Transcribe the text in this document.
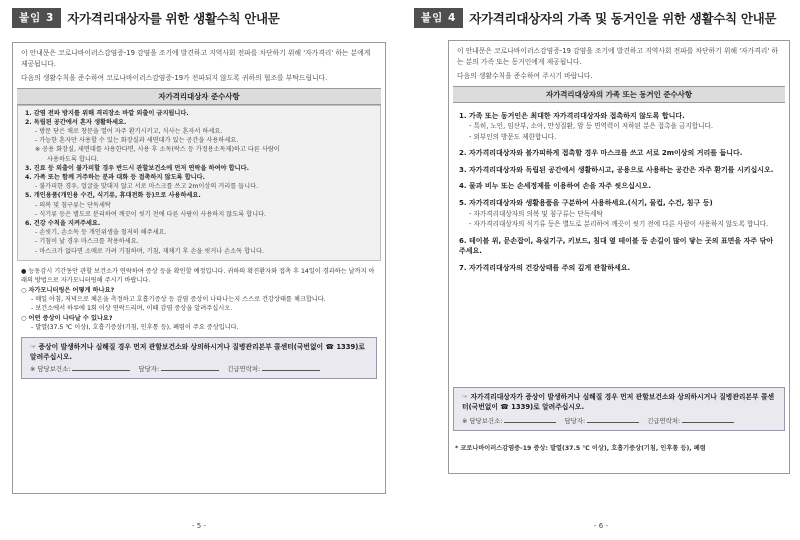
붙임 3	자가격리대상자를 위한 생활수칙 안내문

이 안내문은 코로나바이러스감염증-19 감염을 조기에 발견하고 지역사회 전파를 차단하기 위해 '자가격리' 하는 분에게 제공됩니다.

다음의 생활수칙을 준수하여 코로나바이러스감염증-19가 전파되지 않도록 귀하의 협조를 부탁드립니다.

자가격리대상자 준수사항
1. 감염 전파 방지를 위해 격리장소 바깥 외출이 금지됩니다.
2. 독립된 공간에서 혼자 생활하세요.
- 방문 닫은 채로 창문을 열어 자주 환기시키고, 식사는 혼자서 하세요.
- 가능한 혼자만 사용할 수 있는 화장실과 세면대가 있는 공간을 사용하세요.
※ 공용 화장실, 세면대를 사용한다면, 사용 후 소독(락스 등 가정용소독제)하고 다른 사람이
사용하도록 합니다.
3. 진료 등 외출이 불가피할 경우 반드시 관할보건소에 먼저 연락을 하여야 합니다.
4. 가족 또는 함께 거주하는 분과 대화 등 접촉하지 않도록 합니다.
- 불가피한 경우, 얼굴을 맞대지 않고 서로 마스크를 쓰고 2m이상의 거리를 둡니다.
5. 개인용품(개인용 수건, 식기류, 휴대전화 등)으로 사용하세요.
- 의복 및 침구류는 단독세탁
- 식기류 등은 별도로 분리하여 깨끗이 씻기 전에 다른 사람이 사용하지 않도록 합니다.
6. 건강 수칙을 지켜주세요.
- 손씻기, 손소독 등 개인위생을 철저히 해주세요.
- 기침이 날 경우 마스크를 착용하세요.
- 마스크가 없다면 소매로 가려 기침하며, 기침, 재채기 후 손을 씻거나 손소독 합니다.
● 능동감시 기간동안 관할 보건소가 연락하여 증상 등을 확인할 예정입니다. 귀하의 확진환자와 접촉 후 14일이 경과하는 날까지 아래의 방법으로 자가모니터링해 주시기 바랍니다.
○ 자가모니터링은 어떻게 하나요?
- 매일 아침, 저녁으로 체온을 측정하고 호흡기증상 등 감염 증상이 나타나는지 스스로 건강상태를 체크합니다.
- 보건소에서 하루에 1회 이상 연락드리며, 이때 감염 증상을 알려주십시오.
○ 어떤 증상이 나타날 수 있나요?
- 발열(37.5 ℃ 이상), 호흡기증상(기침, 인후통 등), 폐렴이 주요 증상입니다.
☞ 증상이 발생하거나 심해질 경우 먼저 관할보건소와 상의하시거나 질병관리본부 콜센터(국번없이 ☎ 1339)로 알려주십시오.
※ 담당보건소:	담당자:	긴급연락처:
- 5 -
붙임 4	자가격리대상자의 가족 및 동거인을 위한 생활수칙 안내문

이 안내문은 코로나바이러스감염증-19 감염을 조기에 발견하고 지역사회 전파를 차단하기 위해 '자가격리' 하는 분의 가족 또는 동거인에게 제공됩니다.

다음의 생활수칙을 준수하여 주시기 바랍니다.

자가격리대상자의 가족 또는 동거인 준수사항
1. 가족 또는 동거인은 최대한 자가격리대상자와 접촉하지 않도록 합니다.
- 특히, 노인, 임산부, 소아, 만성질환, 암 등 면역력이 저하된 분은 접촉을 금지합니다.
- 외부인의 방문도 제한합니다.
2. 자가격리대상자와 불가피하게 접촉할 경우 마스크를 쓰고 서로 2m이상의 거리를 둡니다.
3. 자가격리대상자와 독립된 공간에서 생활하시고, 공용으로 사용하는 공간은 자주 환기를 시키십시오.
4. 물과 비누 또는 손세정제를 이용하여 손을 자주 씻으십시오.
5. 자가격리대상자와 생활용품을 구분하여 사용하세요.(식기, 물컵, 수건, 침구 등)
- 자가격리대상자의 의복 및 침구류는 단독세탁
- 자가격리대상자의 식기류 등은 별도로 분리하여 깨끗이 씻기 전에 다른 사람이 사용하지 않도록 합니다.
6. 테이블 위, 문손잡이, 욕실기구, 키보드, 침대 옆 테이블 등 손길이 많이 닿는 곳의 표면을 자주 닦아주세요.
7. 자가격리대상자의 건강상태를 주의 깊게 관찰하세요.
☞ 자가격리대상자가 증상이 발생하거나 심해질 경우 먼저 관할보건소와 상의하시거나 질병관리본부 콜센터(국번없이 ☎ 1339)로 알려주십시오.
※ 담당보건소:	담당자:	긴급연락처:
* 코로나바이러스감염증-19 증상: 발열(37.5 ℃ 이상), 호흡기증상(기침, 인후통 등), 폐렴
- 6 -
